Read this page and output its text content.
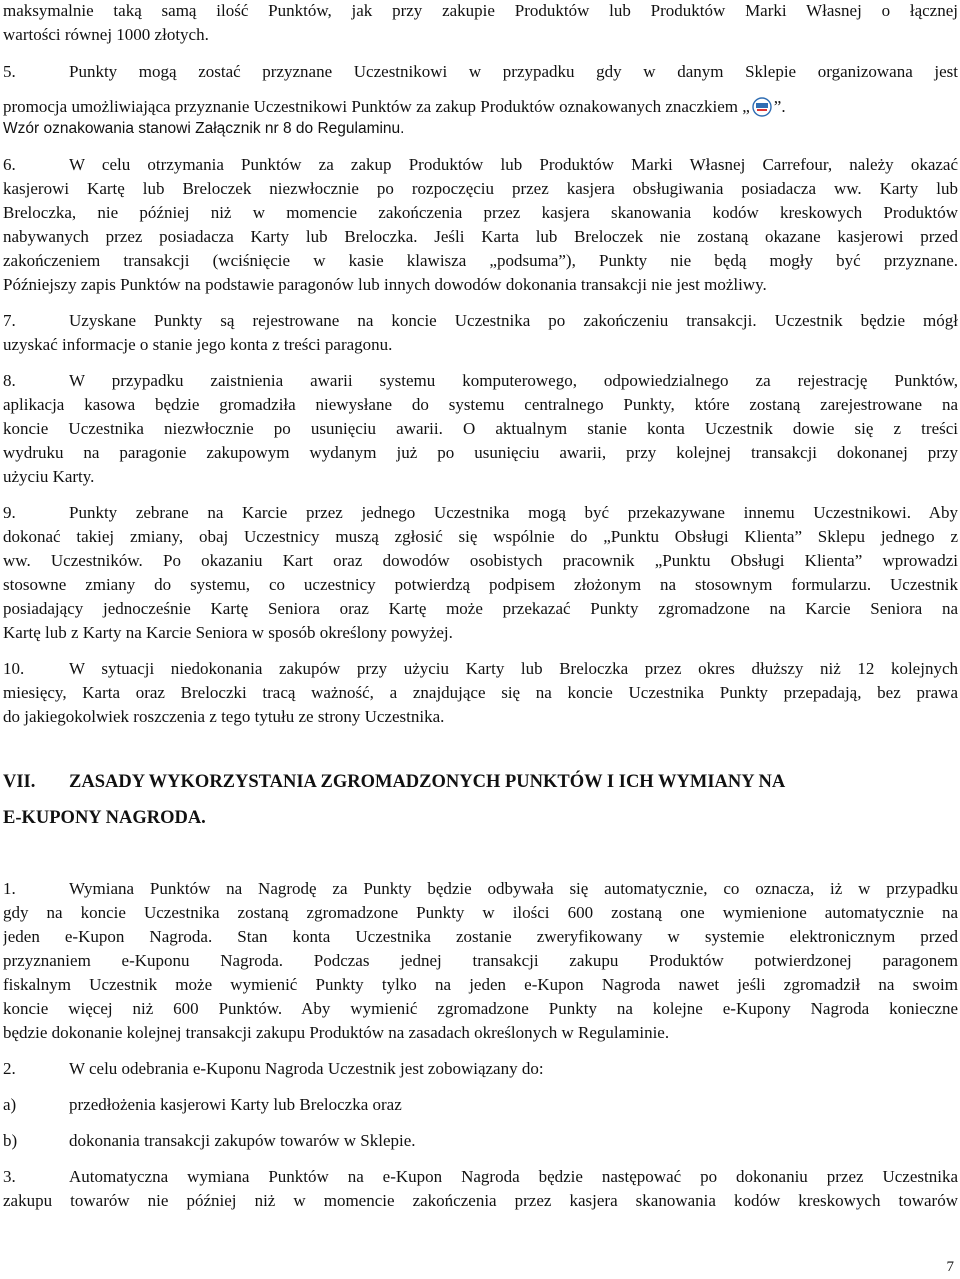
maksymalnie taką samą ilość Punktów, jak przy zakupie Produktów lub Produktów Marki Własnej o łącznej
wartości równej 1000 złotych.
5.	Punkty mogą zostać przyznane Uczestnikowi w przypadku gdy w danym Sklepie organizowana jest
promocja umożliwiająca przyznanie Uczestnikowi Punktów za zakup Produktów oznakowanych znaczkiem „ ”.
Wzór oznakowania stanowi Załącznik nr 8 do Regulaminu.
6.	W celu otrzymania Punktów za zakup Produktów lub Produktów Marki Własnej Carrefour, należy okazać
kasjerowi Kartę lub Breloczek niezwłocznie po rozpoczęciu przez kasjera obsługiwania posiadacza ww. Karty lub
Breloczka, nie później niż w momencie zakończenia przez kasjera skanowania kodów kreskowych Produktów
nabywanych przez posiadacza Karty lub Breloczka. Jeśli Karta lub Breloczek nie zostaną okazane kasjerowi przed
zakończeniem transakcji (wciśnięcie w kasie klawisza „podsuma”), Punkty nie będą mogły być przyznane.
Późniejszy zapis Punktów na podstawie paragonów lub innych dowodów dokonania transakcji nie jest możliwy.
7.	Uzyskane Punkty są rejestrowane na koncie Uczestnika po zakończeniu transakcji. Uczestnik będzie mógł
uzyskać informacje o stanie jego konta z treści paragonu.
8.	W przypadku zaistnienia awarii systemu komputerowego, odpowiedzialnego za rejestrację Punktów,
aplikacja kasowa będzie gromadziła niewysłane do systemu centralnego Punkty, które zostaną zarejestrowane na
koncie Uczestnika niezwłocznie po usunięciu awarii. O aktualnym stanie konta Uczestnik dowie się z treści
wydruku na paragonie zakupowym wydanym już po usunięciu awarii, przy kolejnej transakcji dokonanej przy
użyciu Karty.
9.	Punkty zebrane na Karcie przez jednego Uczestnika mogą być przekazywane innemu Uczestnikowi. Aby
dokonać takiej zmiany, obaj Uczestnicy muszą zgłosić się wspólnie do „Punktu Obsługi Klienta” Sklepu jednego z
ww. Uczestników. Po okazaniu Kart oraz dowodów osobistych pracownik „Punktu Obsługi Klienta” wprowadzi
stosowne zmiany do systemu, co uczestnicy potwierdzą podpisem złożonym na stosownym formularzu. Uczestnik
posiadający jednocześnie Kartę Seniora oraz Kartę może przekazać Punkty zgromadzone na Karcie Seniora na
Kartę lub z Karty na Karcie Seniora w sposób określony powyżej.
10.	W sytuacji niedokonania zakupów przy użyciu Karty lub Breloczka przez okres dłuższy niż 12 kolejnych
miesięcy, Karta oraz Breloczki tracą ważność, a znajdujące się na koncie Uczestnika Punkty przepadają, bez prawa
do jakiegokolwiek roszczenia z tego tytułu ze strony Uczestnika.
VII. ZASADY WYKORZYSTANIA ZGROMADZONYCH PUNKTÓW I ICH WYMIANY NA
E-KUPONY NAGRODA.
1.	Wymiana Punktów na Nagrodę za Punkty będzie odbywała się automatycznie, co oznacza, iż w przypadku
gdy na koncie Uczestnika zostaną zgromadzone Punkty w ilości 600 zostaną one wymienione automatycznie na
jeden e-Kupon Nagroda. Stan konta Uczestnika zostanie zweryfikowany w systemie elektronicznym przed
przyznaniem e-Kuponu Nagroda. Podczas jednej transakcji zakupu Produktów potwierdzonej paragonem
fiskalnym Uczestnik może wymienić Punkty tylko na jeden e-Kupon Nagroda nawet jeśli zgromadził na swoim
koncie więcej niż 600 Punktów. Aby wymienić zgromadzone Punkty na kolejne e-Kupony Nagroda konieczne
będzie dokonanie kolejnej transakcji zakupu Produktów na zasadach określonych w Regulaminie.
2.	W celu odebrania e-Kuponu Nagroda Uczestnik jest zobowiązany do:
a)	przedłożenia kasjerowi Karty lub Breloczka oraz
b)	dokonania transakcji zakupów towarów w Sklepie.
3.	Automatyczna wymiana Punktów na e-Kupon Nagroda będzie następować po dokonaniu przez Uczestnika
zakupu towarów nie później niż w momencie zakończenia przez kasjera skanowania kodów kreskowych towarów
7
